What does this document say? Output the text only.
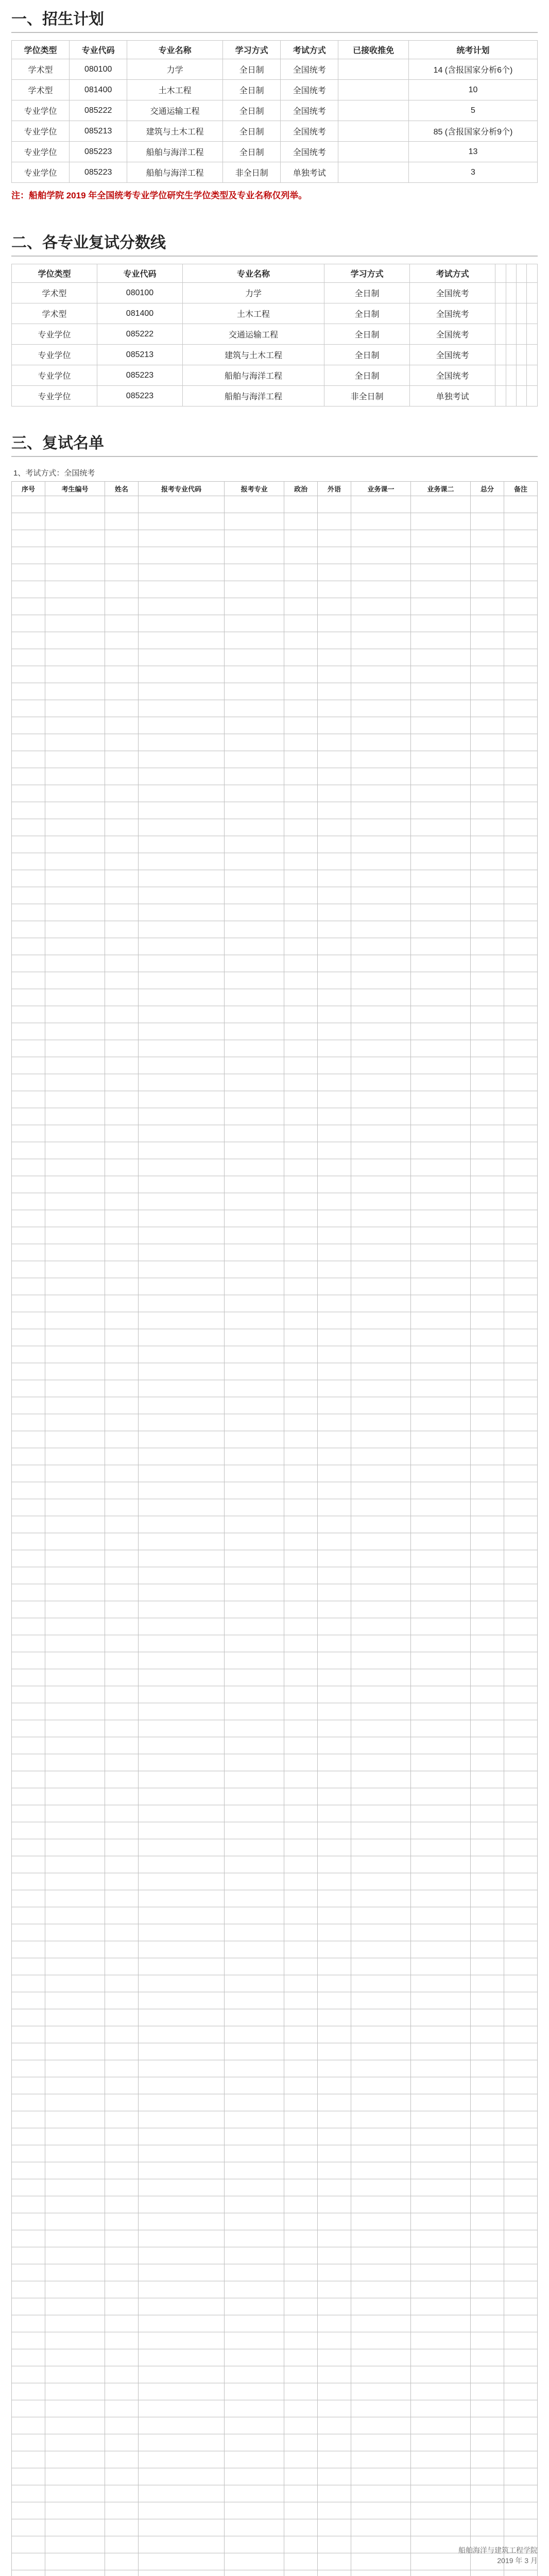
一、招生计划
学位类型	专业代码	专业名称	学习方式	考试方式	已接收推免	统考计划
学术型	080100	力学	全日制	全国统考		14 (含报国家分析6个)
学术型	081400	土木工程	全日制	全国统考		10
专业学位	085222	交通运输工程	全日制	全国统考		5
专业学位	085213	建筑与土木工程	全日制	全国统考		85 (含报国家分析9个)
专业学位	085223	船舶与海洋工程	全日制	全国统考		13
专业学位	085223	船舶与海洋工程	非全日制	单独考试		3
注：船舶学院 2019 年全国统考专业学位研究生学位类型及专业名称仅列举。
二、各专业复试分数线
学位类型	专业代码	专业名称	学习方式	考试方式				
学术型	080100	力学	全日制	全国统考				
学术型	081400	土木工程	全日制	全国统考				
专业学位	085222	交通运输工程	全日制	全国统考				
专业学位	085213	建筑与土木工程	全日制	全国统考				
专业学位	085223	船舶与海洋工程	全日制	全国统考				
专业学位	085223	船舶与海洋工程	非全日制	单独考试				
三、复试名单
1、考试方式：全国统考
序号	考生编号	姓名	报考专业代码	报考专业	政治	外语	业务课一	业务课二	总分	备注

船舶海洋与建筑工程学院
2019 年 3 月
